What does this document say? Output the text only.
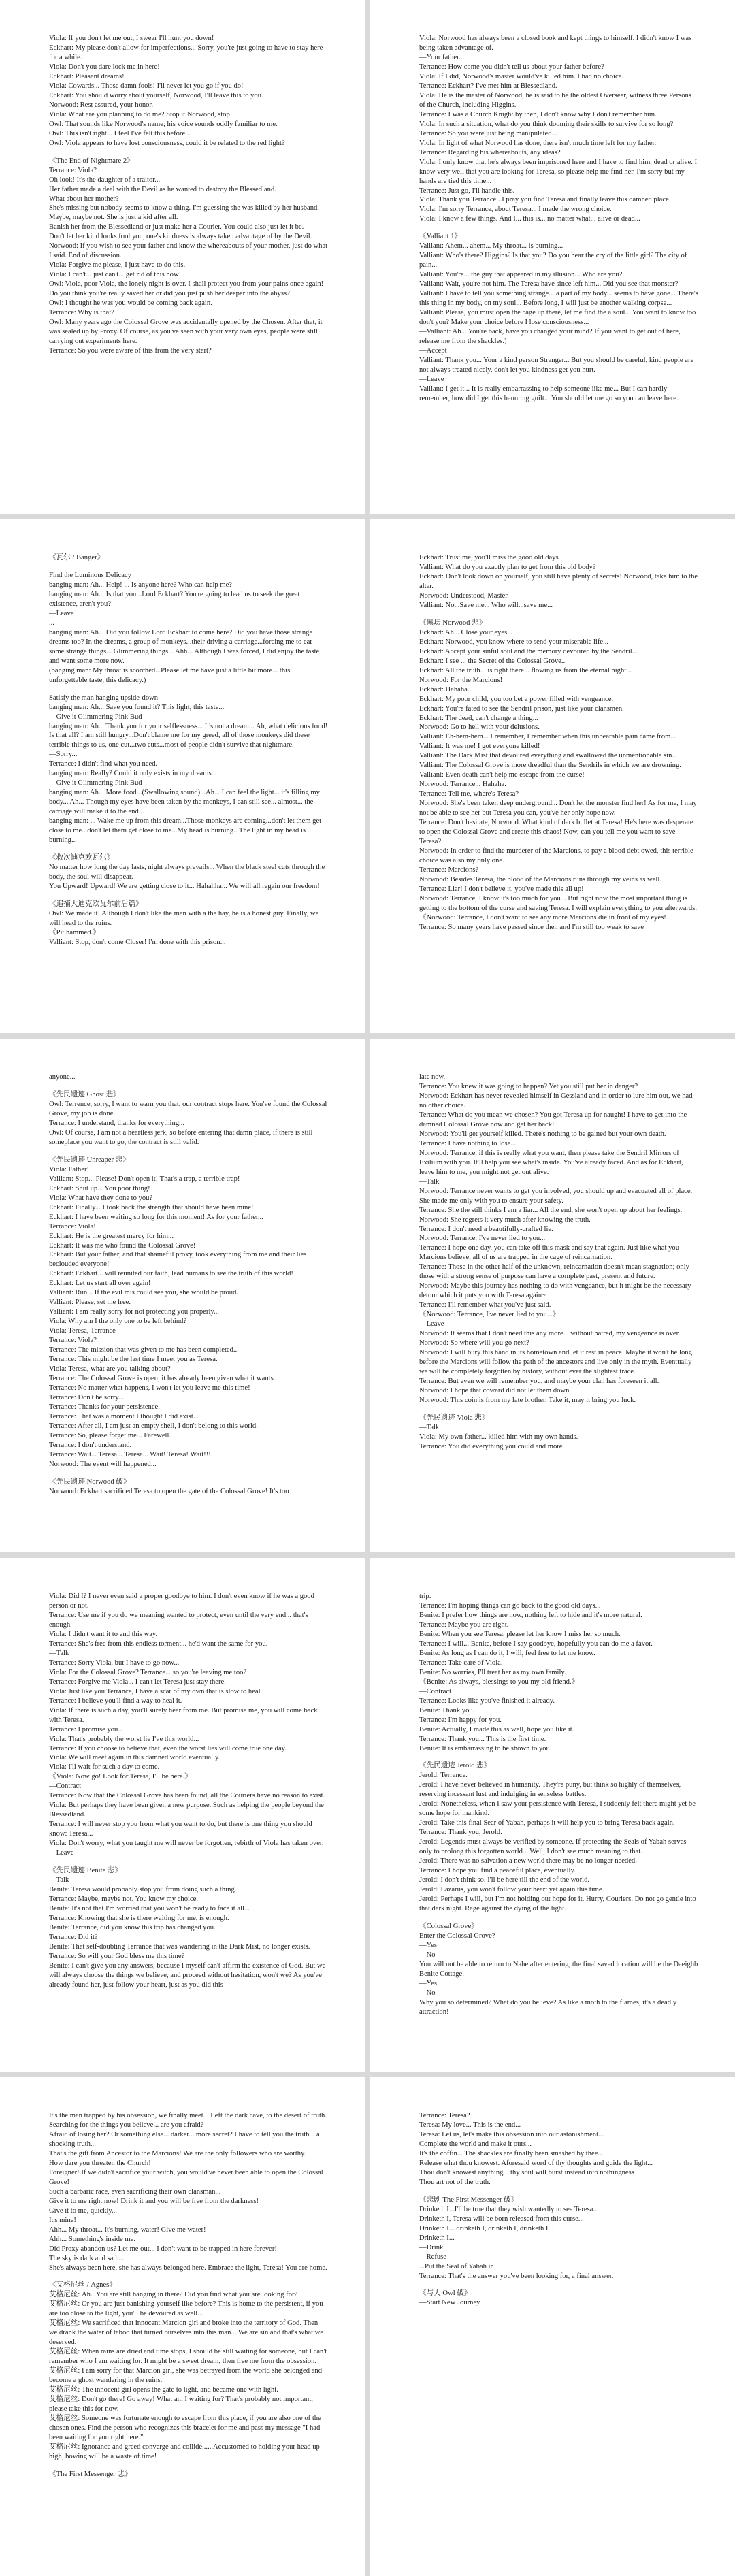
Viola: If you don't let me out, I swear I'll hunt you down!

Eckhart: My please don't allow for imperfections... Sorry, you're just going to have to stay here for a while.

Viola: Don't you dare lock me in here!

Eckhart: Pleasant dreams!

Viola: Cowards... Those damn fools! I'll never let you go if you do!

Eckhart: You should worry about yourself, Norwood, I'll leave this to you.

Norwood: Rest assured, your honor.

Viola: What are you planning to do me? Stop it Norwood, stop!

Owl: That sounds like Norwood's name; his voice sounds oddly familiar to me.

Owl: This isn't right... I feel I've felt this before...

Owl: Viola appears to have lost consciousness, could it be related to the red light?

《The End of Nightmare 2》

Terrance: Viola?

Oh look! It's the daughter of a traitor...

Her father made a deal with the Devil as he wanted to destroy the Blessedland.

What about her mother?

She's missing but nobody seems to know a thing. I'm guessing she was killed by her husband.

Maybe, maybe not. She is just a kid after all.

Banish her from the Blessedland or just make her a Courier. You could also just let it be.

Don't let her kind looks fool you, one's kindness is always taken advantage of by the Devil.

Norwood: If you wish to see your father and know the whereabouts of your mother, just do what I said. End of discussion.

Viola: Forgive me please, I just have to do this.

Viola: I can't... just can't... get rid of this now!

Owl: Viola, poor Viola, the lonely night is over. I shall protect you from your pains once again!

Do you think you're really saved her or did you just push her deeper into the abyss?

Owl: I thought he was you would be coming back again.

Terrance: Why is that?

Owl: Many years ago the Colossal Grove was accidentally opened by the Chosen. After that, it was sealed up by Proxy. Of course, as you've seen with your very own eyes, people were still carrying out experiments here.

Terrance: So you were aware of this from the very start?

Viola: Norwood has always been a closed book and kept things to himself. I didn't know I was being taken advantage of.

—Your father...

Terrance: How come you didn't tell us about your father before?

Viola: If I did, Norwood's master would've killed him. I had no choice.

Terrance: Eckhart? I've met him at Blessedland.

Viola: He is the master of Norwood, he is said to be the oldest Overseer, witness three Persons of the Church, including Higgins.

Terrance: I was a Church Knight by then, I don't know why I don't remember him.

Viola: In such a situation, what do you think dooming their skills to survive for so long?

Terrance: So you were just being manipulated...

Viola: In light of what Norwood has done, there isn't much time left for my father.

Terrance: Regarding his whereabouts, any ideas?

Viola: I only know that he's always been imprisoned here and I have to find him, dead or alive. I know very well that you are looking for Teresa, so please help me find her. I'm sorry but my hands are tied this time...

Terrance: Just go, I'll handle this.

Viola: Thank you Terrance...I pray you find Teresa and finally leave this damned place.

Viola: I'm sorry Terrance, about Teresa... I made the wrong choice.

Viola: I know a few things. And I... this is... no matter what... alive or dead...

《Valliant 1》

Valliant: Ahem... ahem... My throat... is burning...

Valliant: Who's there? Higgins? Is that you? Do you hear the cry of the little girl? The city of pain...

Valliant: You're... the guy that appeared in my illusion... Who are you?

Valliant: Wait, you're not him. The Teresa have since left him... Did you see that monster?

Valliant: I have to tell you something strange... a part of my body... seems to have gone... There's this thing in my body, on my soul... Before long, I will just be another walking corpse...

Valliant: Please, you must open the cage up there, let me find the a soul... You want to know too don't you? Make your choice before I lose consciousness...

—Valliant: Ah... You're back, have you changed your mind? If you want to get out of here, release me from the shackles.)

—Accept

Valliant: Thank you... Your a kind person Stranger... But you should be careful, kind people are not always treated nicely, don't let you kindness get you hurt.

—Leave

Valliant: I get it... It is really embarrassing to help someone like me... But I can hardly remember, how did I get this haunting guilt... You should let me go so you can leave here.

《瓦尔 / Banger》

Find the Luminous Delicacy

banging man: Ah... Help! ... Is anyone here? Who can help me?

banging man: Ah... Is that you...Lord Eckhart? You're going to lead us to seek the great existence, aren't you?

—Leave

...

banging man: Ah... Did you follow Lord Eckhart to come here? Did you have those strange dreams too? In the dreams, a group of monkeys...their driving a carriage...forcing me to eat some strange things... Glimmering things... Ahh... Although I was forced, I did enjoy the taste and want some more now.

(banging man: My throat is scorched...Please let me have just a little bit more... this unforgettable taste, this delicacy.)

Satisfy the man hanging upside-down

banging man: Ah... Save you found it? This light, this taste...

—Give it Glimmering Pink Bud

banging man: Ah... Thank you for your selflessness... It's not a dream... Ah, what delicious food! Is that all? I am still hungry...Don't blame me for my greed, all of those monkeys did these terrible things to us, one cut...two cuts...most of people didn't survive that nightmare.

—Sorry...

Terrance: I didn't find what you need.

banging man: Really? Could it only exists in my dreams...

—Give it Glimmering Pink Bud

banging man: Ah... More food...(Swallowing sound)...Ah... I can feel the light... it's filling my body... Ah... Though my eyes have been taken by the monkeys, I can still see... almost... the carriage will make it to the end...

banging man: ... Wake me up from this dream...Those monkeys are coming...don't let them get close to me...don't let them get close to me...My head is burning...The light in my head is burning...

《救次迪克欧瓦尔》

No matter how long the day lasts, night always prevails... When the black steel cuts through the body, the soul will disappear.

You Upward! Upward! We are getting close to it... Hahahha... We will all regain our freedom!

《追捕大迪克欧瓦尔前后篇》

Owl: We made it! Although I don't like the man with a the hay, he is a honest guy. Finally, we will head to the ruins.

《Pit hammed.》

Valliant: Stop, don't come Closer! I'm done with this prison...

Eckhart: Trust me, you'll miss the good old days.

Valliant: What do you exactly plan to get from this old body?

Eckhart: Don't look down on yourself, you still have plenty of secrets! Norwood, take him to the altar.

Norwood: Understood, Master.

Valliant: No...Save me... Who will...save me...

《黑坛 Norwood 悲》

Eckhart: Ah... Close your eyes...

Eckhart: Norwood, you know where to send your miserable life...

Eckhart: Accept your sinful soul and the memory devoured by the Sendril...

Eckhart: I see ... the Secret of the Colossal Grove...

Eckhart: All the truth... is right there... flowing us from the eternal night...

Norwood: For the Marcions!

Eckhart: Hahaha...

Eckhart: My poor child, you too bet a power filled with vengeance.

Eckhart: You're fated to see the Sendril prison, just like your clansmen.

Eckhart: The dead, can't change a thing...

Norwood: Go to hell with your delusions.

Valliant: Eh-hem-hem... I remember, I remember when this unbearable pain came from...

Valliant: It was me! I got everyone killed!

Valliant: The Dark Mist that devoured everything and swallowed the unmentionable sin...

Valliant: The Colossal Grove is more dreadful than the Sendrils in which we are drowning.

Valliant: Even death can't help me escape from the curse!

Norwood: Terrance... Hahaha.

Terrance: Tell me, where's Teresa?

Norwood: She's been taken deep underground... Don't let the monster find her! As for me, I may not be able to see her but Teresa you can, you've her only hope now.

Terrance: Don't hesitate, Norwood. What kind of dark bullet at Teresa! He's here was desperate to open the Colossal Grove and create this chaos! Now, can you tell me you want to save Teresa?

Norwood: In order to find the murderer of the Marcions, to pay a blood debt owed, this terrible choice was also my only one.

Terrance: Marcions?

Norwood: Besides Teresa, the blood of the Marcions runs through my veins as well.

Terrance: Liar! I don't believe it, you've made this all up!

Norwood: Terrance, I know it's too much for you... But right now the most important thing is getting to the bottom of the curse and saving Teresa. I will explain everything to you afterwards.

《Norwood: Terrance, I don't want to see any more Marcions die in front of my eyes!

Terrance: So many years have passed since then and I'm still too weak to save

anyone...

《先民遗迹 Ghost 悲》

Owl: Terrence, sorry, I want to warn you that, our contract stops here. You've found the Colossal Grove, my job is done.

Terrance: I understand, thanks for everything...

Owl: Of course, I am not a heartless jerk, so before entering that damn place, if there is still someplace you want to go, the contract is still valid.

《先民遗迹 Unreaper 悲》

Viola: Father!

Valliant: Stop... Please! Don't open it! That's a trap, a terrible trap!

Eckhart: Shut up... You poor thing!

Viola: What have they done to you?

Eckhart: Finally... I took back the strength that should have been mine!

Eckhart: I have been waiting so long for this moment! As for your father...

Terrance: Viola!

Eckhart: He is the greatest mercy for him...

Eckhart: It was me who found the Colossal Grove!

Eckhart: But your father, and that shameful proxy, took everything from me and their lies beclouded everyone!

Eckhart: Eckhart... will reunited our faith, lead humans to see the truth of this world!

Eckhart: Let us start all over again!

Valliant: Run... If the evil mis could see you, she would be proud.

Valliant: Please, set me free.

Valliant: I am really sorry for not protecting you properly...

Viola: Why am I the only one to be left behind?

Viola: Teresa, Terrance

Terrance: Viola?

Terrance: The mission that was given to me has been completed...

Terrance: This might be the last time I meet you as Teresa.

Viola: Teresa, what are you talking about?

Terrance: The Colossal Grove is open, it has already been given what it wants.

Terrance: No matter what happens, I won't let you leave me this time!

Terrance: Don't be sorry...

Terrance: Thanks for your persistence.

Terrance: That was a moment I thought I did exist...

Terrance: After all, I am just an empty shell, I don't belong to this world.

Terrance: So, please forget me... Farewell.

Terrance: I don't understand.

Terrance: Wait... Teresa... Teresa... Wait! Teresa! Wait!!!

Norwood: The event will happened...

《先民遗迹 Norwood 破》

Norwood: Eckhart sacrificed Teresa to open the gate of the Colossal Grove! It's too

late now.

Terrance: You knew it was going to happen? Yet you still put her in danger?

Norwood: Eckhart has never revealed himself in Gessland and in order to lure him out, we had no other choice.

Terrance: What do you mean we chosen? You got Teresa up for naught! I have to get into the damned Colossal Grove now and get her back!

Norwood: You'll get yourself killed. There's nothing to be gained but your own death.

Terrance: I have nothing to lose...

Norwood: Terrance, if this is really what you want, then please take the Sendril Mirrors of Exilium with you. It'll help you see what's inside. You've already faced. And as for Eckhart, leave him to me, you might not get out alive.

—Talk

Norwood: Terrance never wants to get you involved, you should up and evacuated all of place. She made me only with you to ensure your safety.

Terrance: She the still thinks I am a liar... All the end, she won't open up about her feelings.

Norwood: She regrets it very much after knowing the truth.

Terrance: I don't need a beautifully-crafted lie.

Norwood: Terrance, I've never lied to you...

Terrance: I hope one day, you can take off this mask and say that again. Just like what you Marcions believe, all of us are trapped in the cage of reincarnation.

Terrance: Those in the other half of the unknown, reincarnation doesn't mean stagnation; only those with a strong sense of purpose can have a complete past, present and future.

Norwood: Maybe this journey has nothing to do with vengeance, but it might be the necessary detour which it puts you with Teresa again~

Terrance: I'll remember what you've just said.

《Norwood: Terrance, I've never lied to you...》

—Leave

Norwood: It seems that I don't need this any more... without hatred, my vengeance is over.

Norwood: So where will you go next?

Norwood: I will bury this hand in its hometown and let it rest in peace. Maybe it won't be long before the Marcions will follow the path of the ancestors and live only in the myth. Eventually we will be completely forgotten by history, without ever the slightest trace.

Terrance: But even we will remember you, and maybe your clan has foreseen it all.

Norwood: I hope that coward did not let them down.

Norwood: This coin is from my late brother. Take it, may it bring you luck.

《先民遗迹 Viola 悲》

—Talk

Viola: My own father... killed him with my own hands.

Terrance: You did everything you could and more.

Viola: Did I? I never even said a proper goodbye to him. I don't even know if he was a good person or not.

Terrance: Use me if you do we meaning wanted to protect, even until the very end... that's enough.

Viola: I didn't want it to end this way.

Terrance: She's free from this endless torment... he'd want the same for you.

—Talk

Terrance: Sorry Viola, but I have to go now...

Viola: For the Colossal Grove? Terrance... so you're leaving me too?

Terrance: Forgive me Viola... I can't let Teresa just stay there.

Viola: Just like you Terrance, I have a scar of my own that is slow to heal.

Terrance: I believe you'll find a way to heal it.

Viola: If there is such a day, you'll surely hear from me. But promise me, you will come back with Teresa.

Terrance: I promise you...

Viola: That's probably the worst lie I've this world...

Terrance: If you choose to believe that, even the worst lies will come true one day.

Viola: We will meet again in this damned world eventually.

Viola: I'll wait for such a day to come.

《Viola: Now go! Look for Teresa, I'll be here.》

—Contract

Terrance: Now that the Colossal Grove has been found, all the Couriers have no reason to exist.

Viola: But perhaps they have been given a new purpose. Such as helping the people beyond the Blessedland.

Terrance: I will never stop you from what you want to do, but there is one thing you should know: Teresa...

Viola: Don't worry, what you taught me will never be forgotten, rebirth of Viola has taken over.

—Leave

《先民遗迹 Benite 悲》

—Talk

Benite: Teresa would probably stop you from doing such a thing.

Terrance: Maybe, maybe not. You know my choice.

Benite: It's not that I'm worried that you won't be ready to face it all...

Terrance: Knowing that she is there waiting for me, is enough.

Benite: Terrance, did you know this trip has changed you.

Terrance: Did it?

Benite: That self-doubting Terrance that was wandering in the Dark Mist, no longer exists.

Terrance: So will your God bless me this time?

Benite: I can't give you any answers, because I myself can't affirm the existence of God. But we will always choose the things we believe, and proceed without hesitation, won't we? As you've already found her, just follow your heart, just as you did this

trip.

Terrance: I'm hoping things can go back to the good old days...

Benite: I prefer how things are now, nothing left to hide and it's more natural.

Terrance: Maybe you are right.

Benite: When you see Teresa, please let her know I miss her so much.

Terrance: I will... Benite, before I say goodbye, hopefully you can do me a favor.

Benite: As long as I can do it, I will, feel free to let me know.

Terrance: Take care of Viola.

Benite: No worries, I'll treat her as my own family.

《Benite: As always, blessings to you my old friend.》

—Contract

Terrance: Looks like you've finished it already.

Benite: Thank you.

Terrance: I'm happy for you.

Benite: Actually, I made this as well, hope you like it.

Terrance: Thank you... This is the first time.

Benite: It is embarrassing to be shown to you.

《先民遗迹 Jerold 悲》

Jerold: Terrance.

Jerold: I have never believed in humanity. They're puny, but think so highly of themselves, reserving incessant lust and indulging in senseless battles.

Jerold: Nonetheless, when I saw your persistence with Teresa, I suddenly felt there might yet be some hope for mankind.

Jerold: Take this final Sear of Yabah, perhaps it will help you to bring Teresa back again.

Terrance: Thank you, Jerold.

Jerold: Legends must always be verified by someone. If protecting the Seals of Yabah serves only to prolong this forgotten world... Well, I don't see much meaning to that.

Jerold: There was no salvation a new world there may be no longer needed.

Terrance: I hope you find a peaceful place, eventually.

Jerold: I don't think so. I'll be here till the end of the world.

Jerold: Lazarus, you won't follow your heart yet again this time.

Jerold: Perhaps I will, but I'm not holding out hope for it. Hurry, Couriers. Do not go gentle into that dark night. Rage against the dying of the light.

《Colossal Grove》

Enter the Colossal Grove?

—Yes

—No

You will not be able to return to Nahe after entering, the final saved location will be the Daeighb Benite Cottage.

—Yes

—No

Why you so determined? What do you believe? As like a moth to the flames, it's a deadly attraction!

It's the man trapped by his obsession, we finally meet... Left the dark cave, to the desert of truth.

Searching for the things you believe... are you afraid?

Afraid of losing her? Or something else... darker... more secret? I have to tell you the truth... a shocking truth...

That's the gift from Ancestor to the Marcions! We are the only followers who are worthy.

How dare you threaten the Church!

Foreigner! If we didn't sacrifice your witch, you would've never been able to open the Colossal Grove!

Such a barbaric race, even sacrificing their own clansman...

Give it to me right now! Drink it and you will be free from the darkness!

Give it to me, quickly...

It's mine!

Ahh... My throat... It's burning, water! Give me water!

Ahh... Something's inside me.

Did Proxy abandon us? Let me out... I don't want to be trapped in here forever!

The sky is dark and sad....

She's always been here, she has always belonged here. Embrace the light, Teresa! You are home.

《艾格尼丝 / Agnes》

艾格尼丝: Ah...You are still hanging in there? Did you find what you are looking for?

艾格尼丝: Or you are just banishing yourself like before? This is home to the persistent, if you are too close to the light, you'll be devoured as well...

艾格尼丝: We sacrificed that innocent Marcion girl and broke into the territory of God. Then we drank the water of taboo that turned ourselves into this man... We are sin and that's what we deserved.

艾格尼丝: When rains are dried and time stops, I should be still waiting for someone, but I can't remember who I am waiting for. It might be a sweet dream, then free me from the obsession.

艾格尼丝: I am sorry for that Marcion girl, she was betrayed from the world she belonged and become a ghost wandering in the ruins.

艾格尼丝: The innocent girl opens the gate to light, and became one with light.

艾格尼丝: Don't go there! Go away! What am I waiting for? That's probably not important, please take this for now.

艾格尼丝: Someone was fortunate enough to escape from this place, if you are also one of the chosen ones. Find the person who recognizes this bracelet for me and pass my message "I had been waiting for you right here."

艾格尼丝: Ignorance and greed converge and collide......Accustomed to holding your head up high, bowing will be a waste of time!

《The First Messenger 悲》

Terrance: Teresa?

Teresa: My love... This is the end...

Teresa: Let us, let's make this obsession into our astonishment...

Complete the world and make it ours...

It's the coffin... The shackles are finally been smashed by thee...

Release what thou knowest. Aforesaid word of thy thoughts and guide the light...

Thou don't knowest anything... thy soul will burst instead into nothingness

Thou art not of the truth.

《悲剧 The First Messenger 破》

Drinketh I...I'll be true that they wish wantedly to see Teresa...

Drinketh I, Teresa will be born released from this curse...

Drinketh I... drinketh I, drinketh I, drinketh I...

Drinketh I...

—Drink

—Refuse

...Put the Seal of Yabah in

Terrance: That's the answer you've been looking for, a final answer.

《与天 Owl 破》

—Start New Journey
